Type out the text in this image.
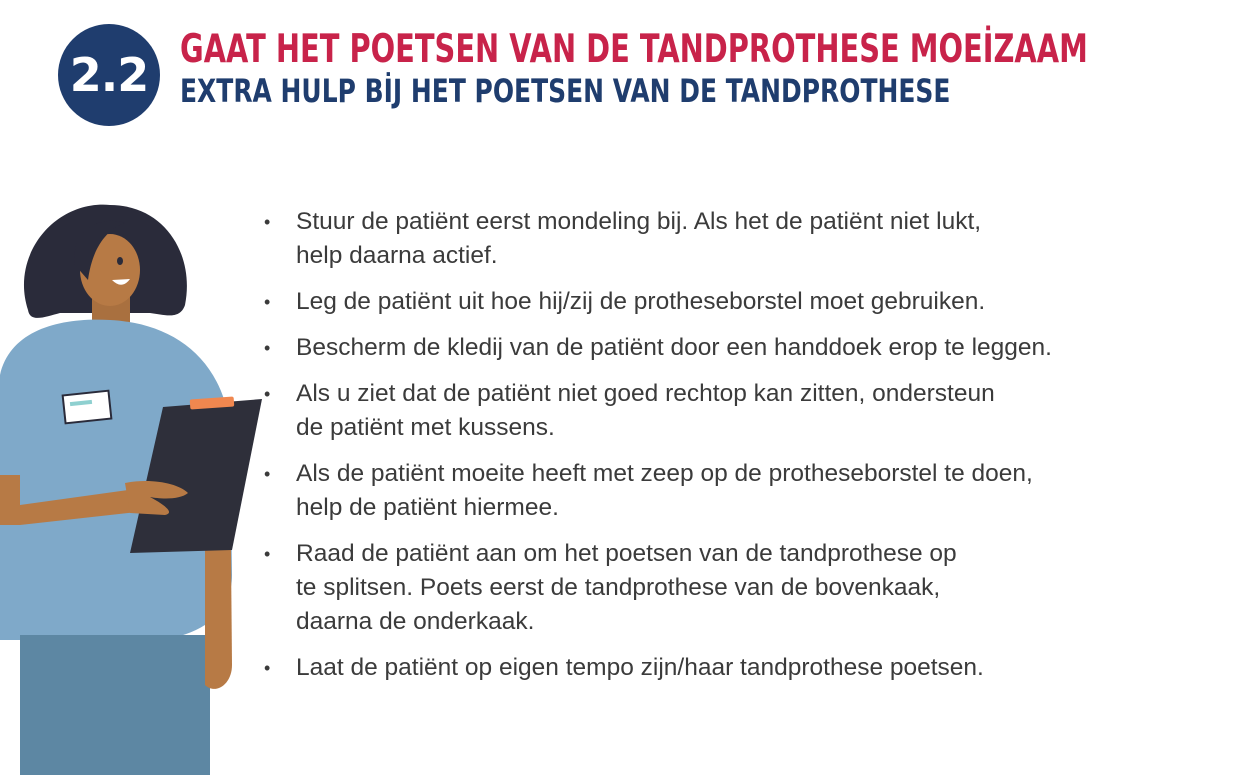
2.2 GAAT HET POETSEN VAN DE TANDPROTHESE MOEİZAAM
EXTRA HULP BİJ HET POETSEN VAN DE TANDPROTHESE
• Stuur de patiënt eerst mondeling bij. Als het de patiënt niet lukt,
help daarna actief.
• Leg de patiënt uit hoe hij/zij de protheseborstel moet gebruiken.
• Bescherm de kledij van de patiënt door een handdoek erop te leggen.
• Als u ziet dat de patiënt niet goed rechtop kan zitten, ondersteun
de patiënt met kussens.
• Als de patiënt moeite heeft met zeep op de protheseborstel te doen,
help de patiënt hiermee.
• Raad de patiënt aan om het poetsen van de tandprothese op
te splitsen. Poets eerst de tandprothese van de bovenkaak,
daarna de onderkaak.
• Laat de patiënt op eigen tempo zijn/haar tandprothese poetsen.
